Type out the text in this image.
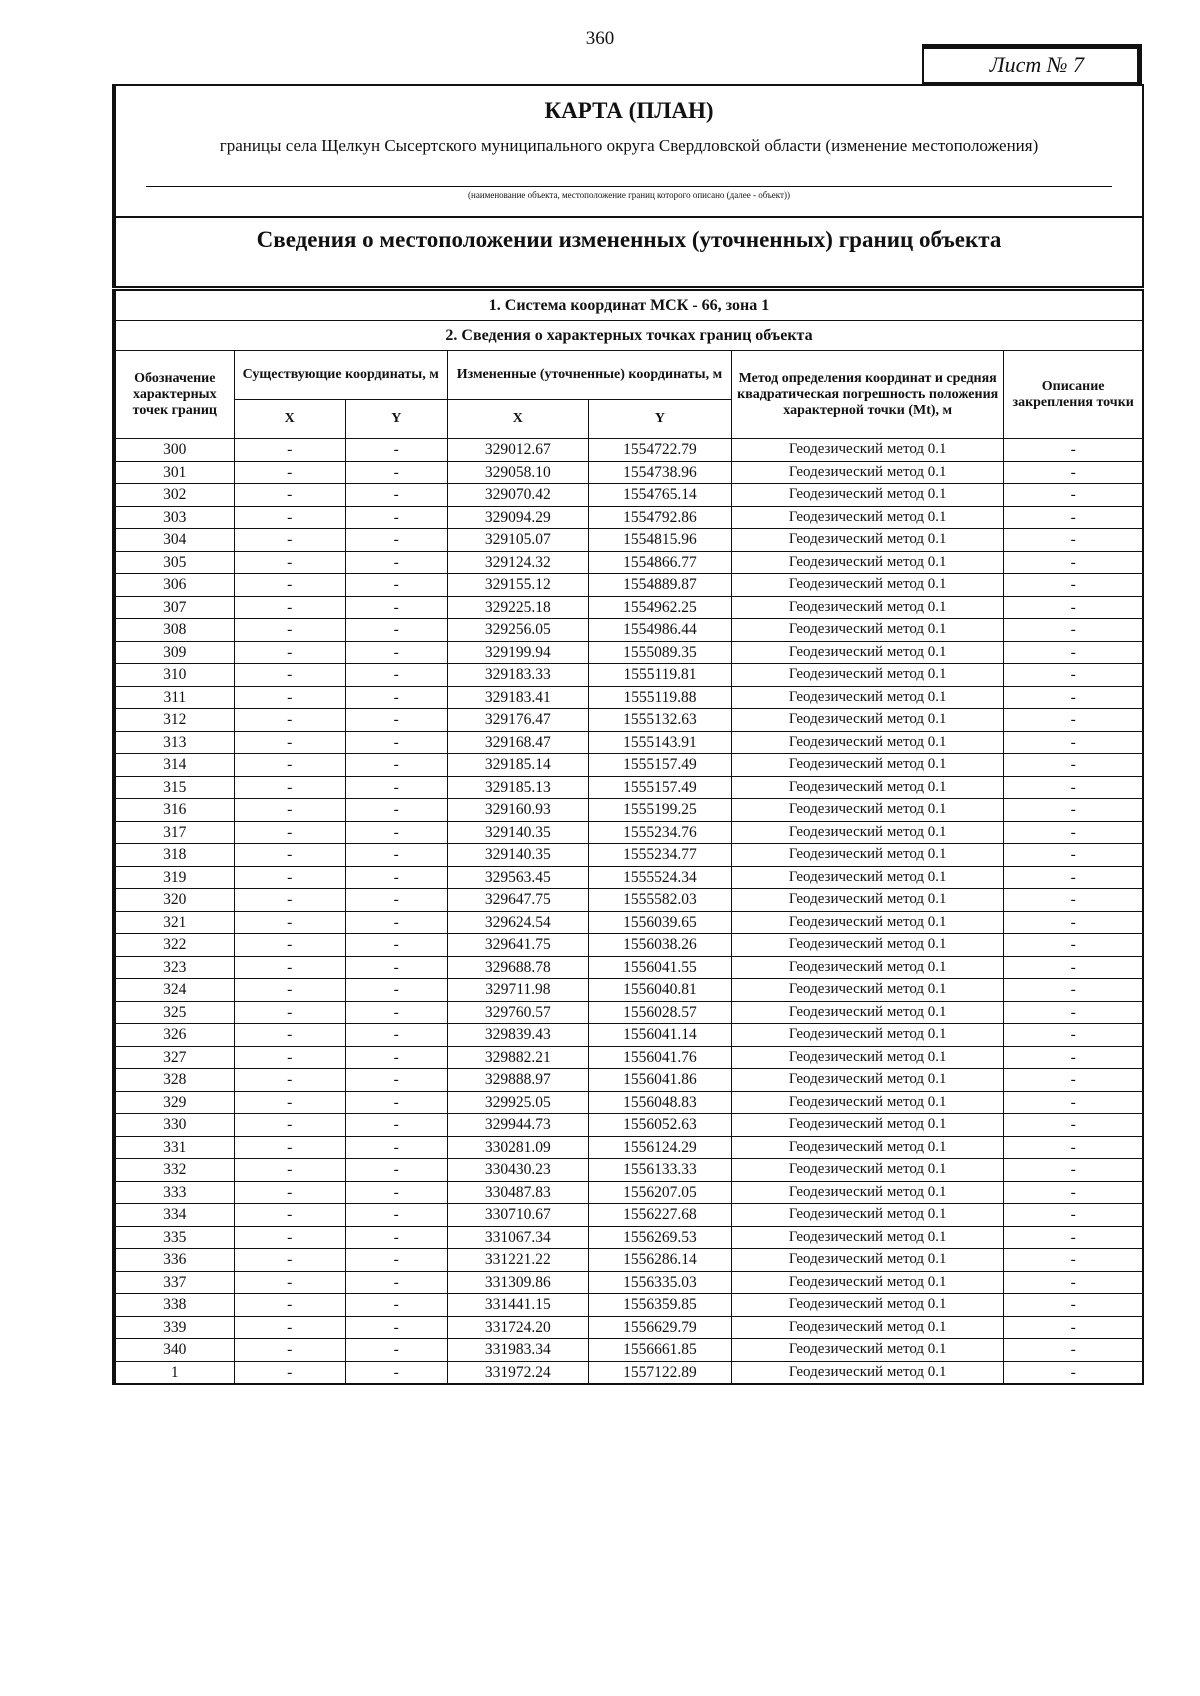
360
Лист № 7
КАРТА (ПЛАН)
границы села Щелкун Сысертского муниципального округа Свердловской области (изменение местоположения)
(наименование объекта, местоположение границ которого описано (далее - объект))
Сведения о местоположении измененных (уточненных) границ объекта
1. Система координат МСК - 66, зона 1						
2. Сведения о характерных точках границ объекта						
Обозначение характерных точек границ	Существующие координаты, м		Измененные (уточненные) координаты, м		Метод определения координат и средняя квадратическая погрешность положения характерной точки (Mt), м	Описание закрепления точки
	X	Y	X	Y		
300	-	-	329012.67	1554722.79	Геодезический метод 0.1	-
301	-	-	329058.10	1554738.96	Геодезический метод 0.1	-
302	-	-	329070.42	1554765.14	Геодезический метод 0.1	-
303	-	-	329094.29	1554792.86	Геодезический метод 0.1	-
304	-	-	329105.07	1554815.96	Геодезический метод 0.1	-
305	-	-	329124.32	1554866.77	Геодезический метод 0.1	-
306	-	-	329155.12	1554889.87	Геодезический метод 0.1	-
307	-	-	329225.18	1554962.25	Геодезический метод 0.1	-
308	-	-	329256.05	1554986.44	Геодезический метод 0.1	-
309	-	-	329199.94	1555089.35	Геодезический метод 0.1	-
310	-	-	329183.33	1555119.81	Геодезический метод 0.1	-
311	-	-	329183.41	1555119.88	Геодезический метод 0.1	-
312	-	-	329176.47	1555132.63	Геодезический метод 0.1	-
313	-	-	329168.47	1555143.91	Геодезический метод 0.1	-
314	-	-	329185.14	1555157.49	Геодезический метод 0.1	-
315	-	-	329185.13	1555157.49	Геодезический метод 0.1	-
316	-	-	329160.93	1555199.25	Геодезический метод 0.1	-
317	-	-	329140.35	1555234.76	Геодезический метод 0.1	-
318	-	-	329140.35	1555234.77	Геодезический метод 0.1	-
319	-	-	329563.45	1555524.34	Геодезический метод 0.1	-
320	-	-	329647.75	1555582.03	Геодезический метод 0.1	-
321	-	-	329624.54	1556039.65	Геодезический метод 0.1	-
322	-	-	329641.75	1556038.26	Геодезический метод 0.1	-
323	-	-	329688.78	1556041.55	Геодезический метод 0.1	-
324	-	-	329711.98	1556040.81	Геодезический метод 0.1	-
325	-	-	329760.57	1556028.57	Геодезический метод 0.1	-
326	-	-	329839.43	1556041.14	Геодезический метод 0.1	-
327	-	-	329882.21	1556041.76	Геодезический метод 0.1	-
328	-	-	329888.97	1556041.86	Геодезический метод 0.1	-
329	-	-	329925.05	1556048.83	Геодезический метод 0.1	-
330	-	-	329944.73	1556052.63	Геодезический метод 0.1	-
331	-	-	330281.09	1556124.29	Геодезический метод 0.1	-
332	-	-	330430.23	1556133.33	Геодезический метод 0.1	-
333	-	-	330487.83	1556207.05	Геодезический метод 0.1	-
334	-	-	330710.67	1556227.68	Геодезический метод 0.1	-
335	-	-	331067.34	1556269.53	Геодезический метод 0.1	-
336	-	-	331221.22	1556286.14	Геодезический метод 0.1	-
337	-	-	331309.86	1556335.03	Геодезический метод 0.1	-
338	-	-	331441.15	1556359.85	Геодезический метод 0.1	-
339	-	-	331724.20	1556629.79	Геодезический метод 0.1	-
340	-	-	331983.34	1556661.85	Геодезический метод 0.1	-
1	-	-	331972.24	1557122.89	Геодезический метод 0.1	-
